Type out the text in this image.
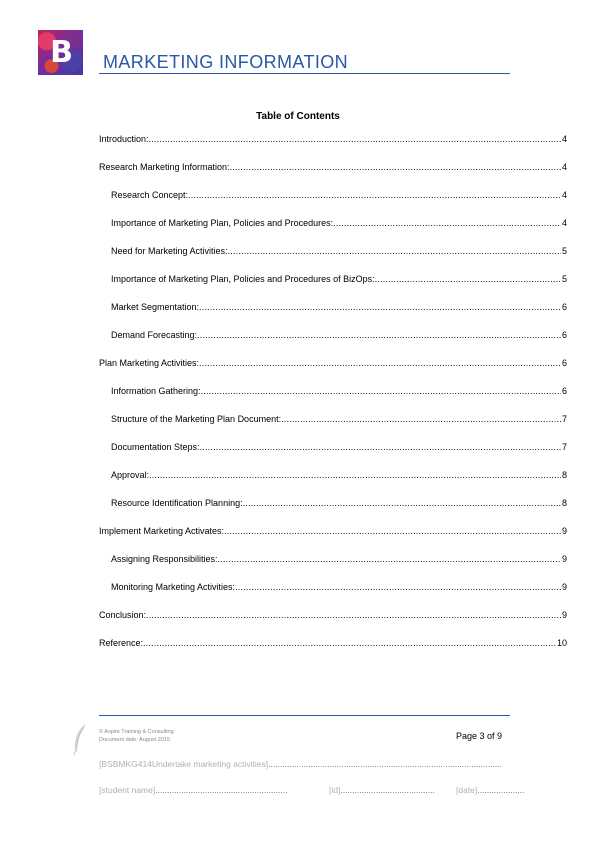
B MARKETING INFORMATION
Table of Contents
Introduction: .....	4
Research Marketing Information: .....	4
Research Concept: .....	4
Importance of Marketing Plan, Policies and Procedures: .....	4
Need for Marketing Activities: .....	5
Importance of Marketing Plan, Policies and Procedures of BizOps: .....	5
Market Segmentation: .....	6
Demand Forecasting: .....	6
Plan Marketing Activities: .....	6
Information Gathering: .....	6
Structure of the Marketing Plan Document: .....	7
Documentation Steps: .....	7
Approval: .....	8
Resource Identification Planning: .....	8
Implement Marketing Activates: .....	9
Assigning Responsibilities: .....	9
Monitoring Marketing Activities: .....	9
Conclusion: .....	9
Reference: .....	10
© Aspire Training & Consulting
Document date: August 2015	Page 3 of 9
[BSBMKG414Undertake marketing activities]...................................................................................................
[student name]........................................................	[id]........................................ [date]....................
